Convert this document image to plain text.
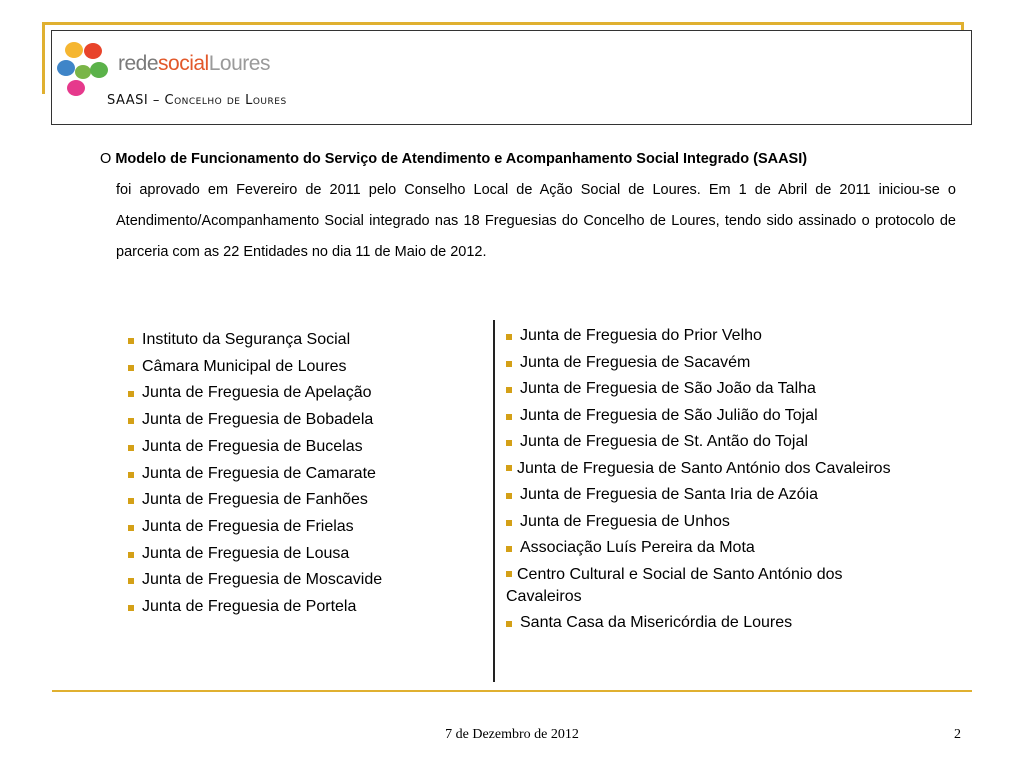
redesocialLoures
SAASI – Concelho de Loures
O Modelo de Funcionamento do Serviço de Atendimento e Acompanhamento Social Integrado (SAASI)
foi aprovado em Fevereiro de 2011 pelo Conselho Local de Ação Social de Loures. Em 1 de Abril de 2011 iniciou-se o Atendimento/Acompanhamento Social integrado nas 18 Freguesias do Concelho de Loures, tendo sido assinado o protocolo de parceria com as 22 Entidades no dia 11 de Maio de 2012.
Instituto da Segurança Social
Câmara Municipal de Loures
Junta de Freguesia de Apelação
Junta de Freguesia de Bobadela
Junta de Freguesia de Bucelas
Junta de Freguesia de Camarate
Junta de Freguesia de Fanhões
Junta de Freguesia de Frielas
Junta de Freguesia de Lousa
Junta de Freguesia de Moscavide
Junta de Freguesia de Portela
Junta de Freguesia do Prior Velho
Junta de Freguesia de Sacavém
Junta de Freguesia de São João da Talha
Junta de Freguesia de São Julião do Tojal
Junta de Freguesia de St. Antão do Tojal
Junta de Freguesia de Santo António dos Cavaleiros
Junta de Freguesia de Santa Iria de Azóia
Junta de Freguesia de Unhos
Associação Luís Pereira da Mota
Centro Cultural e Social de Santo António dos Cavaleiros
Santa Casa da Misericórdia de Loures
7 de Dezembro de 2012	2
